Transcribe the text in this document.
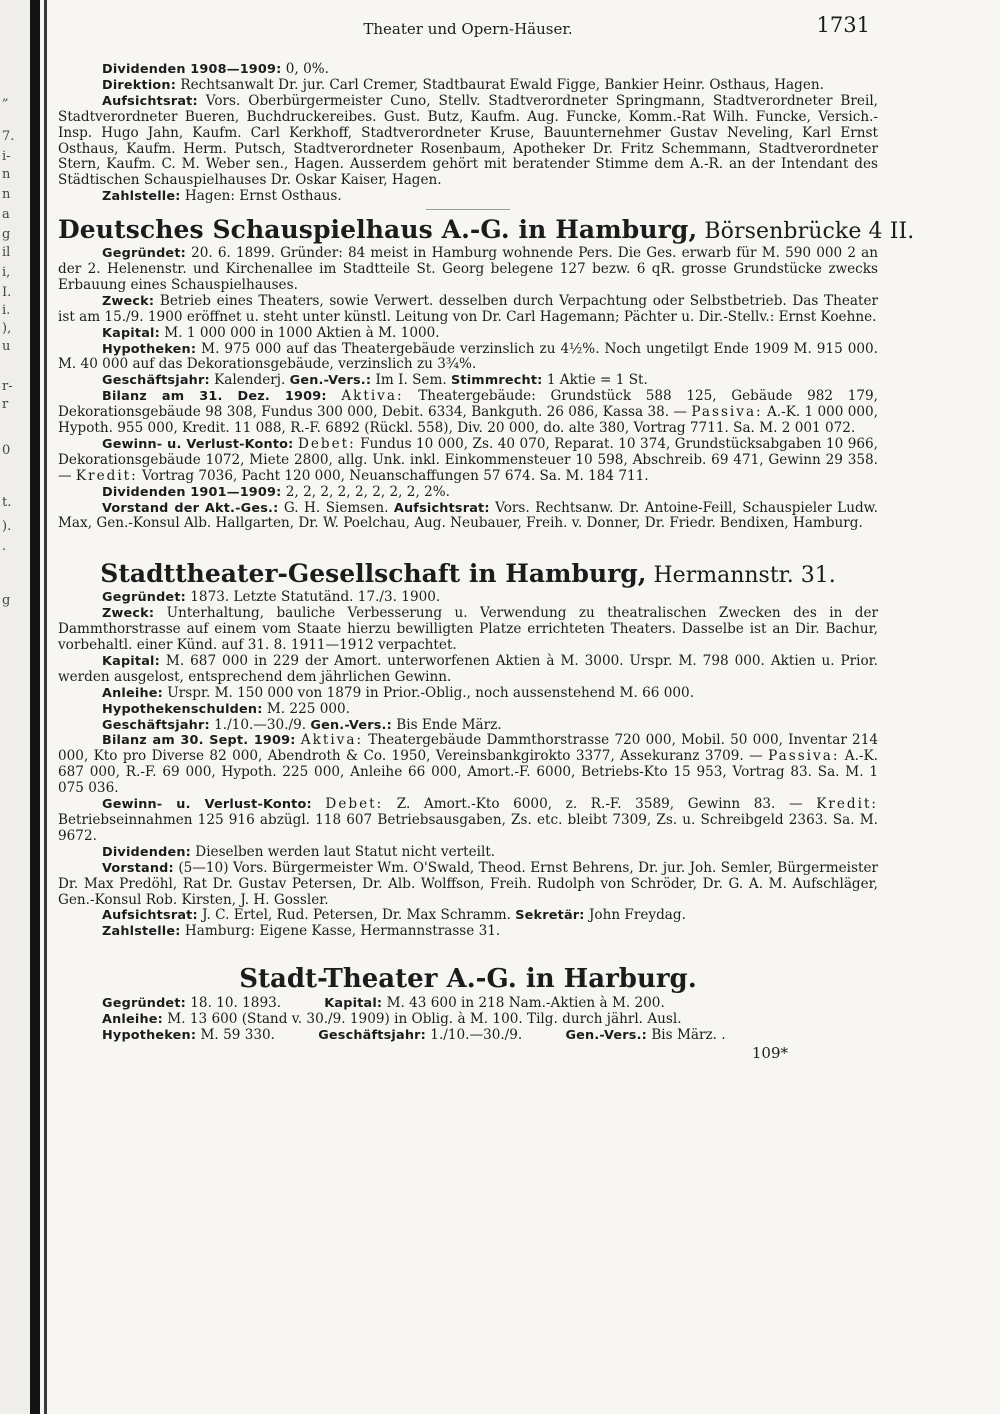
„
7.
i-
n
n
a
g
il
i,
I.
i.
),
u
r-
r
0
t.
).
.
g
Theater und Opern-Häuser.	1731

Dividenden 1908—1909: 0, 0%.

Direktion: Rechtsanwalt Dr. jur. Carl Cremer, Stadtbaurat Ewald Figge, Bankier Heinr. Osthaus, Hagen.

Aufsichtsrat: Vors. Oberbürgermeister Cuno, Stellv. Stadtverordneter Springmann, Stadtverordneter Breil, Stadtverordneter Bueren, Buchdruckereibes. Gust. Butz, Kaufm. Aug. Funcke, Komm.-Rat Wilh. Funcke, Versich.-Insp. Hugo Jahn, Kaufm. Carl Kerkhoff, Stadtverordneter Kruse, Bauunternehmer Gustav Neveling, Karl Ernst Osthaus, Kaufm. Herm. Putsch, Stadtverordneter Rosenbaum, Apotheker Dr. Fritz Schemmann, Stadtverordneter Stern, Kaufm. C. M. Weber sen., Hagen. Ausserdem gehört mit beratender Stimme dem A.-R. an der Intendant des Städtischen Schauspielhauses Dr. Oskar Kaiser, Hagen.

Zahlstelle: Hagen: Ernst Osthaus.

Deutsches Schauspielhaus A.-G. in Hamburg, Börsenbrücke 4 II.

Gegründet: 20. 6. 1899. Gründer: 84 meist in Hamburg wohnende Pers. Die Ges. erwarb für M. 590 000 2 an der 2. Helenenstr. und Kirchenallee im Stadtteile St. Georg belegene 127 bezw. 6 qR. grosse Grundstücke zwecks Erbauung eines Schauspielhauses.

Zweck: Betrieb eines Theaters, sowie Verwert. desselben durch Verpachtung oder Selbstbetrieb. Das Theater ist am 15./9. 1900 eröffnet u. steht unter künstl. Leitung von Dr. Carl Hagemann; Pächter u. Dir.-Stellv.: Ernst Koehne.

Kapital: M. 1 000 000 in 1000 Aktien à M. 1000.

Hypotheken: M. 975 000 auf das Theatergebäude verzinslich zu 4½%. Noch ungetilgt Ende 1909 M. 915 000. M. 40 000 auf das Dekorationsgebäude, verzinslich zu 3¾%.

Geschäftsjahr: Kalenderj. Gen.-Vers.: Im I. Sem. Stimmrecht: 1 Aktie = 1 St.

Bilanz am 31. Dez. 1909: Aktiva: Theatergebäude: Grundstück 588 125, Gebäude 982 179, Dekorationsgebäude 98 308, Fundus 300 000, Debit. 6334, Bankguth. 26 086, Kassa 38. — Passiva: A.-K. 1 000 000, Hypoth. 955 000, Kredit. 11 088, R.-F. 6892 (Rückl. 558), Div. 20 000, do. alte 380, Vortrag 7711. Sa. M. 2 001 072.

Gewinn- u. Verlust-Konto: Debet: Fundus 10 000, Zs. 40 070, Reparat. 10 374, Grundstücksabgaben 10 966, Dekorationsgebäude 1072, Miete 2800, allg. Unk. inkl. Einkommensteuer 10 598, Abschreib. 69 471, Gewinn 29 358. — Kredit: Vortrag 7036, Pacht 120 000, Neuanschaffungen 57 674. Sa. M. 184 711.

Dividenden 1901—1909: 2, 2, 2, 2, 2, 2, 2, 2, 2%.

Vorstand der Akt.-Ges.: G. H. Siemsen. Aufsichtsrat: Vors. Rechtsanw. Dr. Antoine-Feill, Schauspieler Ludw. Max, Gen.-Konsul Alb. Hallgarten, Dr. W. Poelchau, Aug. Neubauer, Freih. v. Donner, Dr. Friedr. Bendixen, Hamburg.

Stadttheater-Gesellschaft in Hamburg, Hermannstr. 31.

Gegründet: 1873. Letzte Statutänd. 17./3. 1900.

Zweck: Unterhaltung, bauliche Verbesserung u. Verwendung zu theatralischen Zwecken des in der Dammthorstrasse auf einem vom Staate hierzu bewilligten Platze errichteten Theaters. Dasselbe ist an Dir. Bachur, vorbehaltl. einer Künd. auf 31. 8. 1911—1912 verpachtet.

Kapital: M. 687 000 in 229 der Amort. unterworfenen Aktien à M. 3000. Urspr. M. 798 000. Aktien u. Prior. werden ausgelost, entsprechend dem jährlichen Gewinn.

Anleihe: Urspr. M. 150 000 von 1879 in Prior.-Oblig., noch aussenstehend M. 66 000.

Hypothekenschulden: M. 225 000.

Geschäftsjahr: 1./10.—30./9. Gen.-Vers.: Bis Ende März.

Bilanz am 30. Sept. 1909: Aktiva: Theatergebäude Dammthorstrasse 720 000, Mobil. 50 000, Inventar 214 000, Kto pro Diverse 82 000, Abendroth & Co. 1950, Vereinsbankgirokto 3377, Assekuranz 3709. — Passiva: A.-K. 687 000, R.-F. 69 000, Hypoth. 225 000, Anleihe 66 000, Amort.-F. 6000, Betriebs-Kto 15 953, Vortrag 83. Sa. M. 1 075 036.

Gewinn- u. Verlust-Konto: Debet: Z. Amort.-Kto 6000, z. R.-F. 3589, Gewinn 83. — Kredit: Betriebseinnahmen 125 916 abzügl. 118 607 Betriebsausgaben, Zs. etc. bleibt 7309, Zs. u. Schreibgeld 2363. Sa. M. 9672.

Dividenden: Dieselben werden laut Statut nicht verteilt.

Vorstand: (5—10) Vors. Bürgermeister Wm. O'Swald, Theod. Ernst Behrens, Dr. jur. Joh. Semler, Bürgermeister Dr. Max Predöhl, Rat Dr. Gustav Petersen, Dr. Alb. Wolffson, Freih. Rudolph von Schröder, Dr. G. A. M. Aufschläger, Gen.-Konsul Rob. Kirsten, J. H. Gossler.

Aufsichtsrat: J. C. Ertel, Rud. Petersen, Dr. Max Schramm. Sekretär: John Freydag.

Zahlstelle: Hamburg: Eigene Kasse, Hermannstrasse 31.

Stadt-Theater A.-G. in Harburg.

Gegründet: 18. 10. 1893.	Kapital: M. 43 600 in 218 Nam.-Aktien à M. 200.

Anleihe: M. 13 600 (Stand v. 30./9. 1909) in Oblig. à M. 100. Tilg. durch jährl. Ausl.

Hypotheken: M. 59 330.	Geschäftsjahr: 1./10.—30./9.	Gen.-Vers.: Bis März. .

109*
